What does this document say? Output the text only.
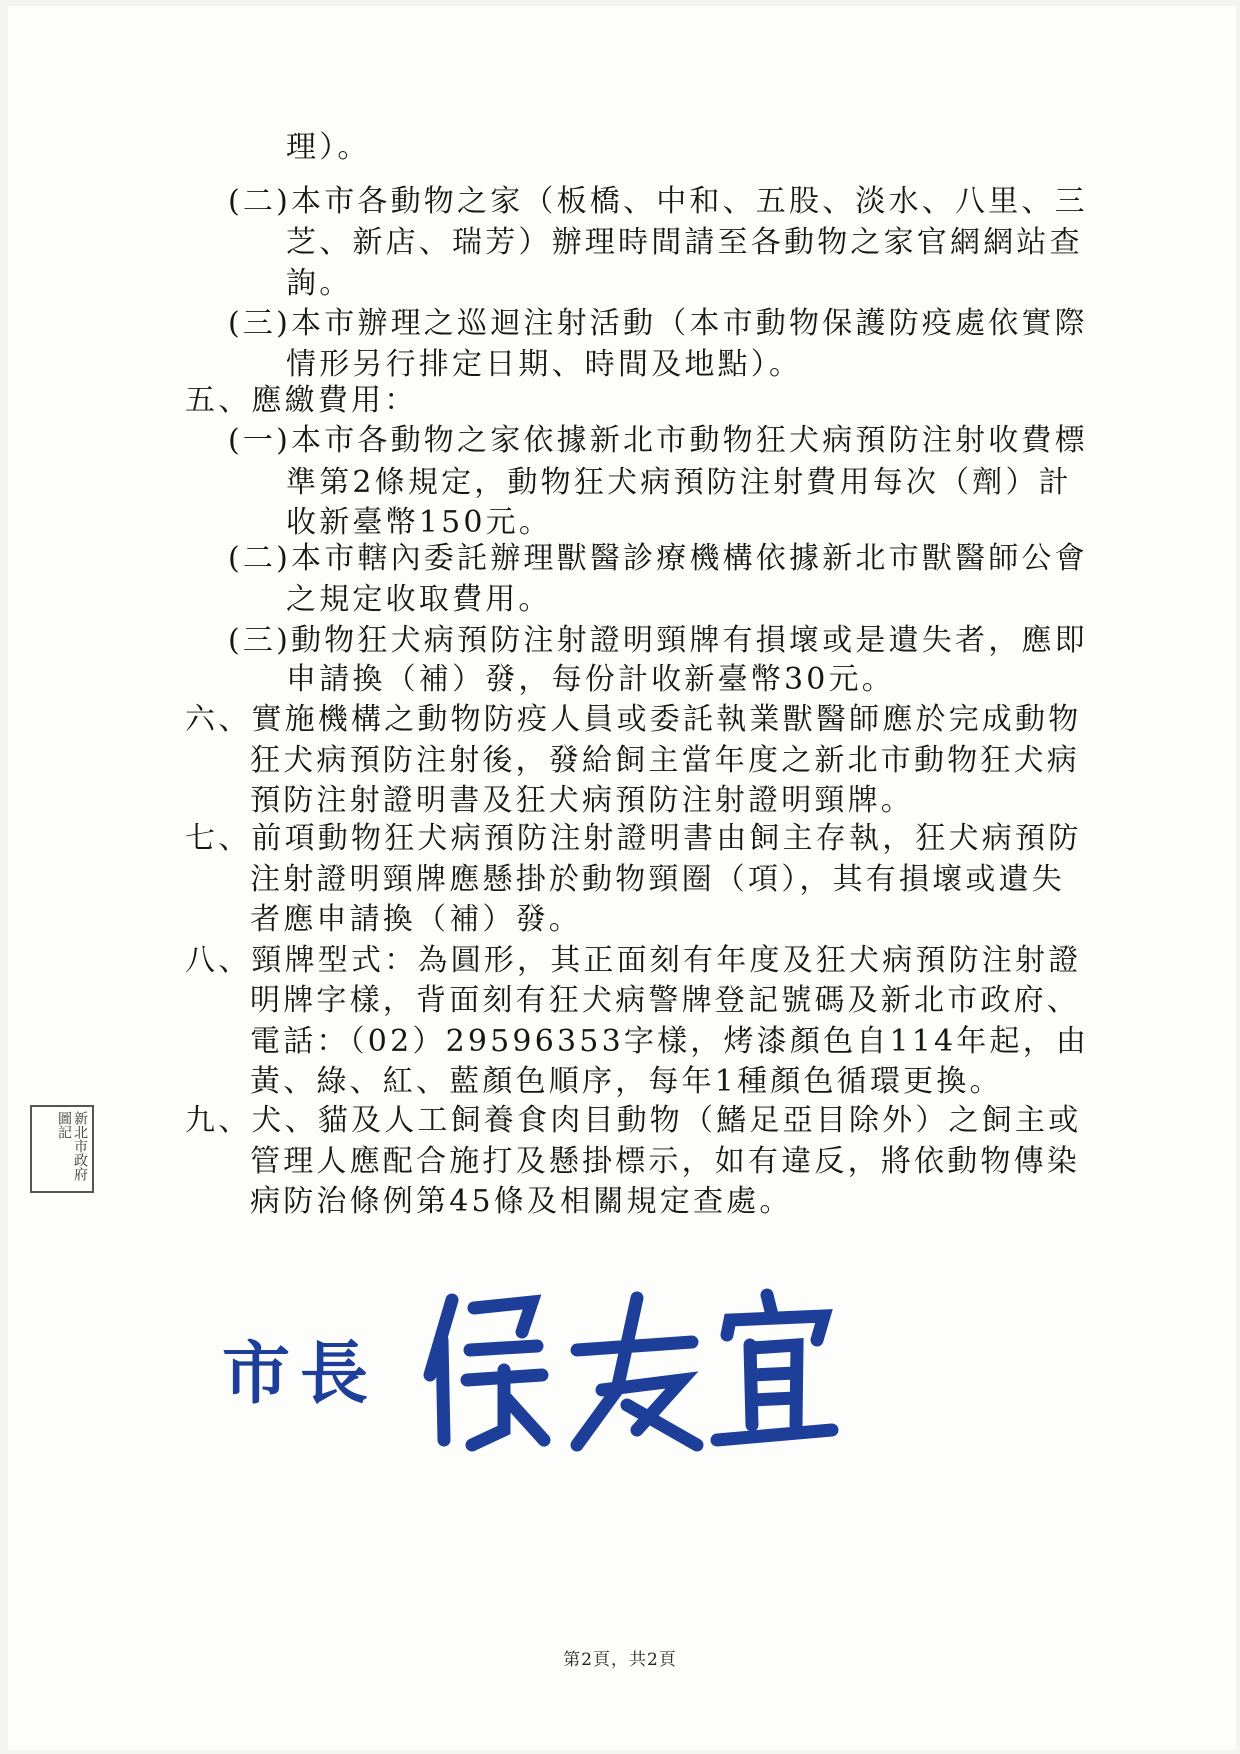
理）。
(二)本市各動物之家（板橋、中和、五股、淡水、八里、三
芝、新店、瑞芳）辦理時間請至各動物之家官網網站查
詢。
(三)本市辦理之巡迴注射活動（本市動物保護防疫處依實際
情形另行排定日期、時間及地點）。
五、應繳費用：
(一)本市各動物之家依據新北市動物狂犬病預防注射收費標
準第2條規定，動物狂犬病預防注射費用每次（劑）計
收新臺幣150元。
(二)本市轄內委託辦理獸醫診療機構依據新北市獸醫師公會
之規定收取費用。
(三)動物狂犬病預防注射證明頸牌有損壞或是遺失者，應即
申請換（補）發，每份計收新臺幣30元。
六、實施機構之動物防疫人員或委託執業獸醫師應於完成動物
狂犬病預防注射後，發給飼主當年度之新北市動物狂犬病
預防注射證明書及狂犬病預防注射證明頸牌。
七、前項動物狂犬病預防注射證明書由飼主存執，狂犬病預防
注射證明頸牌應懸掛於動物頸圈（項），其有損壞或遺失
者應申請換（補）發。
八、頸牌型式：為圓形，其正面刻有年度及狂犬病預防注射證
明牌字樣，背面刻有狂犬病警牌登記號碼及新北市政府、
電話：（02）29596353字樣，烤漆顏色自114年起，由
黃、綠、紅、藍顏色順序，每年1種顏色循環更換。
九、犬、貓及人工飼養食肉目動物（鰭足亞目除外）之飼主或
管理人應配合施打及懸掛標示，如有違反，將依動物傳染
病防治條例第45條及相關規定查處。
新北市政府圖記
市長
第2頁，共2頁
